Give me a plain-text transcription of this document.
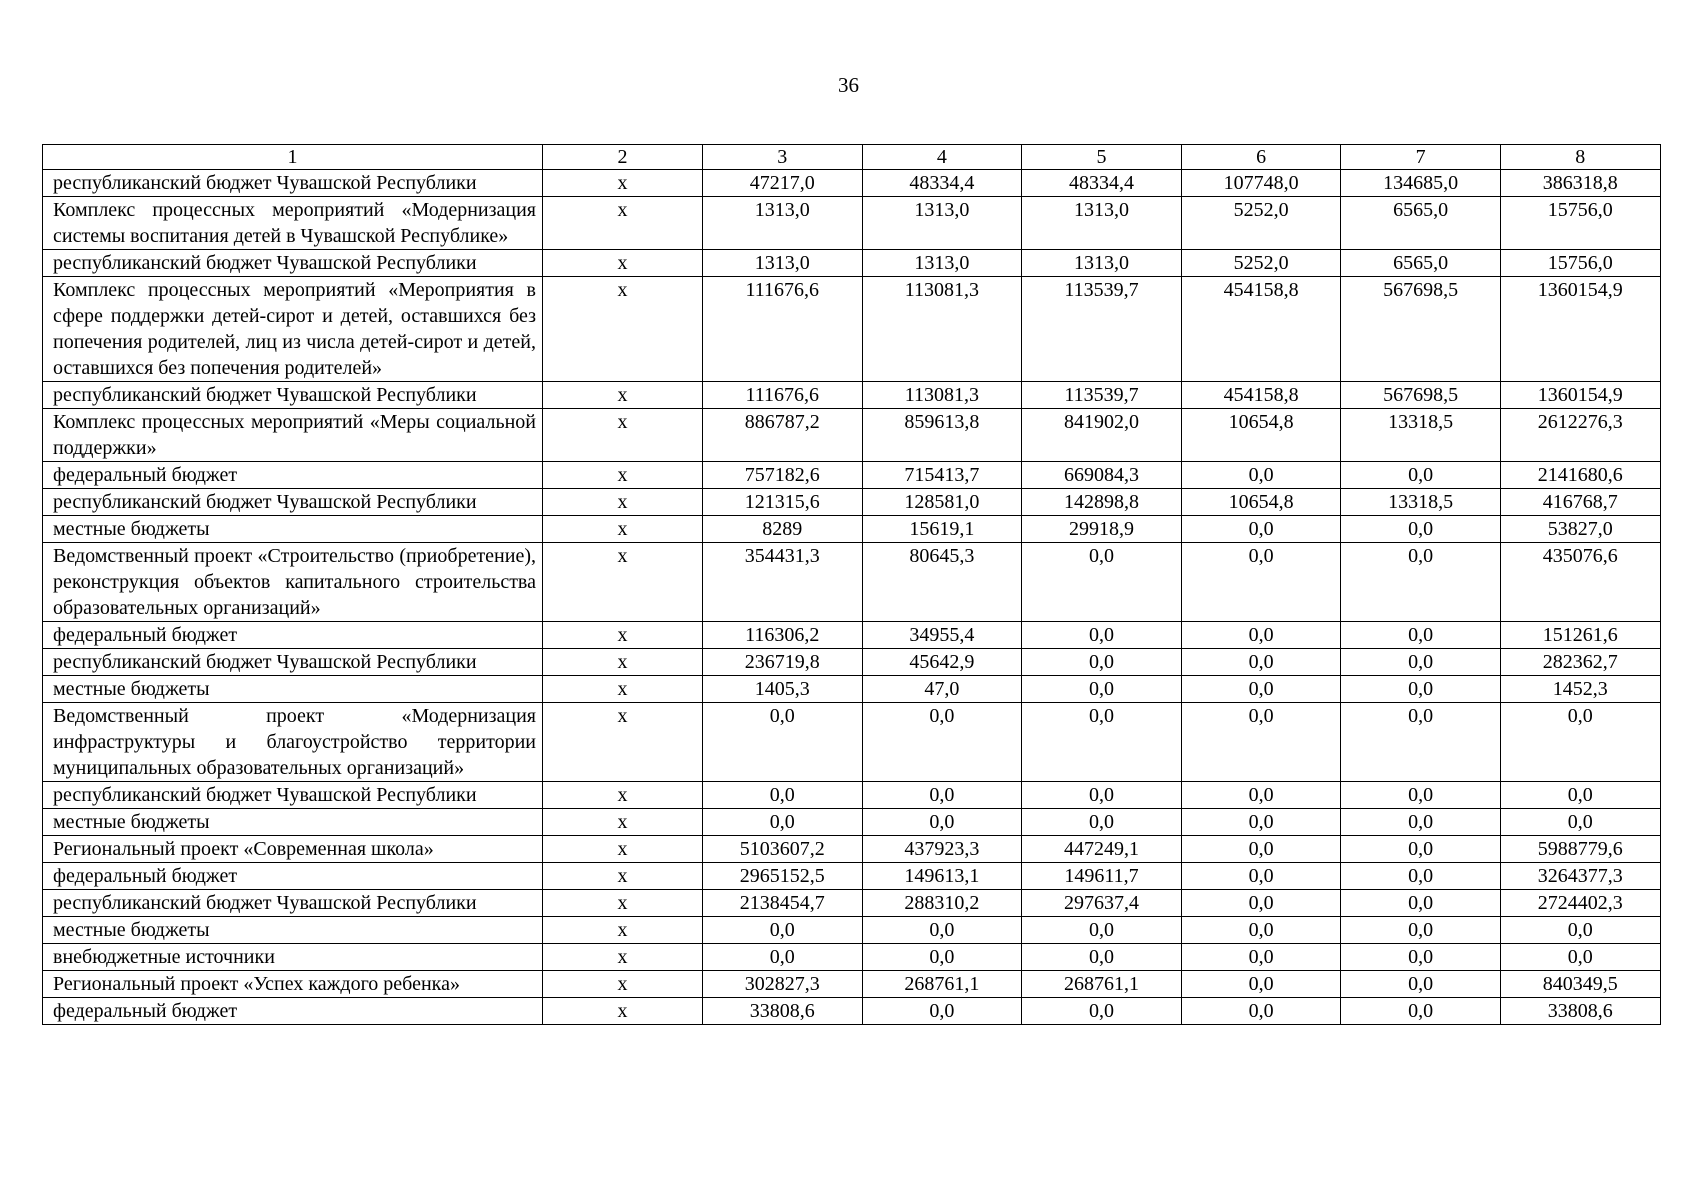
36
1	2	3	4	5	6	7	8
республиканский бюджет Чувашской Республики	x	47217,0	48334,4	48334,4	107748,0	134685,0	386318,8
Комплекс процессных мероприятий «Модернизация системы воспитания детей в Чувашской Республике»	x	1313,0	1313,0	1313,0	5252,0	6565,0	15756,0
республиканский бюджет Чувашской Республики	x	1313,0	1313,0	1313,0	5252,0	6565,0	15756,0
Комплекс процессных мероприятий «Мероприятия в сфере поддержки детей-сирот и детей, оставшихся без попечения родителей, лиц из числа детей-сирот и детей, оставшихся без попечения родителей»	x	111676,6	113081,3	113539,7	454158,8	567698,5	1360154,9
республиканский бюджет Чувашской Республики	x	111676,6	113081,3	113539,7	454158,8	567698,5	1360154,9
Комплекс процессных мероприятий «Меры социальной поддержки»	x	886787,2	859613,8	841902,0	10654,8	13318,5	2612276,3
федеральный бюджет	x	757182,6	715413,7	669084,3	0,0	0,0	2141680,6
республиканский бюджет Чувашской Республики	x	121315,6	128581,0	142898,8	10654,8	13318,5	416768,7
местные бюджеты	x	8289	15619,1	29918,9	0,0	0,0	53827,0
Ведомственный проект «Строительство (приобретение), реконструкция объектов капитального строительства образовательных организаций»	x	354431,3	80645,3	0,0	0,0	0,0	435076,6
федеральный бюджет	x	116306,2	34955,4	0,0	0,0	0,0	151261,6
республиканский бюджет Чувашской Республики	x	236719,8	45642,9	0,0	0,0	0,0	282362,7
местные бюджеты	x	1405,3	47,0	0,0	0,0	0,0	1452,3
Ведомственный проект «Модернизация инфраструктуры и благоустройство территории муниципальных образовательных организаций»	x	0,0	0,0	0,0	0,0	0,0	0,0
республиканский бюджет Чувашской Республики	x	0,0	0,0	0,0	0,0	0,0	0,0
местные бюджеты	x	0,0	0,0	0,0	0,0	0,0	0,0
Региональный проект «Современная школа»	x	5103607,2	437923,3	447249,1	0,0	0,0	5988779,6
федеральный бюджет	x	2965152,5	149613,1	149611,7	0,0	0,0	3264377,3
республиканский бюджет Чувашской Республики	x	2138454,7	288310,2	297637,4	0,0	0,0	2724402,3
местные бюджеты	x	0,0	0,0	0,0	0,0	0,0	0,0
внебюджетные источники	x	0,0	0,0	0,0	0,0	0,0	0,0
Региональный проект «Успех каждого ребенка»	x	302827,3	268761,1	268761,1	0,0	0,0	840349,5
федеральный бюджет	x	33808,6	0,0	0,0	0,0	0,0	33808,6
